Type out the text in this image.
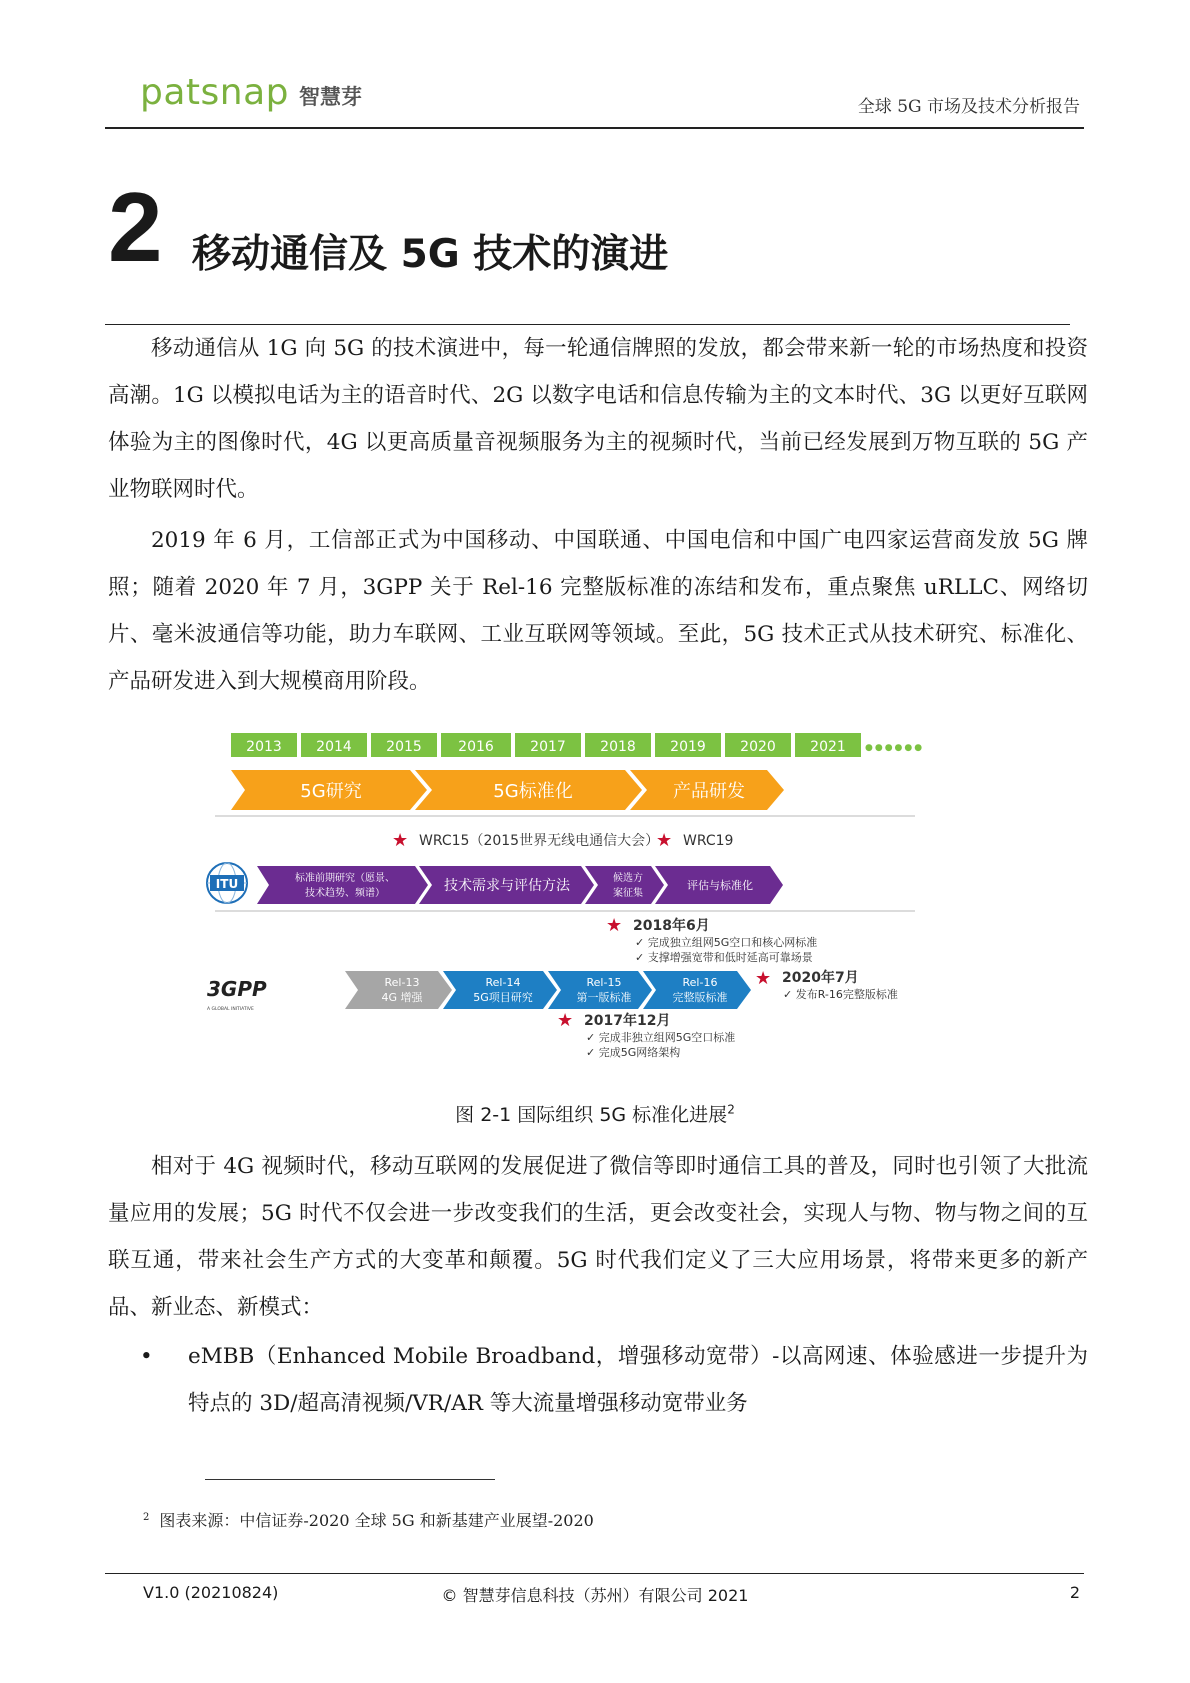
patsnap 智慧芽	全球 5G 市场及技术分析报告
2 移动通信及 5G 技术的演进

移动通信从 1G 向 5G 的技术演进中，每一轮通信牌照的发放，都会带来新一轮的市场热度和投资高潮。1G 以模拟电话为主的语音时代、2G 以数字电话和信息传输为主的文本时代、3G 以更好互联网体验为主的图像时代，4G 以更高质量音视频服务为主的视频时代，当前已经发展到万物互联的 5G 产业物联网时代。

2019 年 6 月，工信部正式为中国移动、中国联通、中国电信和中国广电四家运营商发放 5G 牌照；随着 2020 年 7 月，3GPP 关于 Rel-16 完整版标准的冻结和发布，重点聚焦 uRLLC、网络切片、毫米波通信等功能，助力车联网、工业互联网等领域。至此，5G 技术正式从技术研究、标准化、产品研发进入到大规模商用阶段。

2013 2014 2015	2016	2017 2018 2019 2020 2021 ●●●●●●
5G研究	5G标准化	产品研发
★ WRC15（2015世界无线电通信大会）
★ WRC19
ITU	标准前期研究（愿景、
技术趋势、频谱）	技术需求与评估方法	候选方
案征集
评估与标准化
★ 2018年6月
✓ 完成独立组网5G空口和核心网标准
✓ 支撑增强宽带和低时延高可靠场景
3GPP
A GLOBAL INITIATIVE
Rel-13
4G 增强
Rel-14
5G项目研究
Rel-15
第一版标准
Rel-16
完整版标准
★ 2020年7月
✓ 发布R-16完整版标准
★ 2017年12月
✓ 完成非独立组网5G空口标准
✓ 完成5G网络架构
图 2-1 国际组织 5G 标准化进展$^2$

相对于 4G 视频时代，移动互联网的发展促进了微信等即时通信工具的普及，同时也引领了大批流量应用的发展；5G 时代不仅会进一步改变我们的生活，更会改变社会，实现人与物、物与物之间的互联互通，带来社会生产方式的大变革和颠覆。5G 时代我们定义了三大应用场景，将带来更多的新产品、新业态、新模式：

• eMBB（Enhanced Mobile Broadband，增强移动宽带）-以高网速、体验感进一步提升为特点的 3D/超高清视频/VR/AR 等大流量增强移动宽带业务
$^2$ 图表来源：中信证券-2020 全球 5G 和新基建产业展望-2020
V1.0 (20210824)	© 智慧芽信息科技（苏州）有限公司 2021	2
